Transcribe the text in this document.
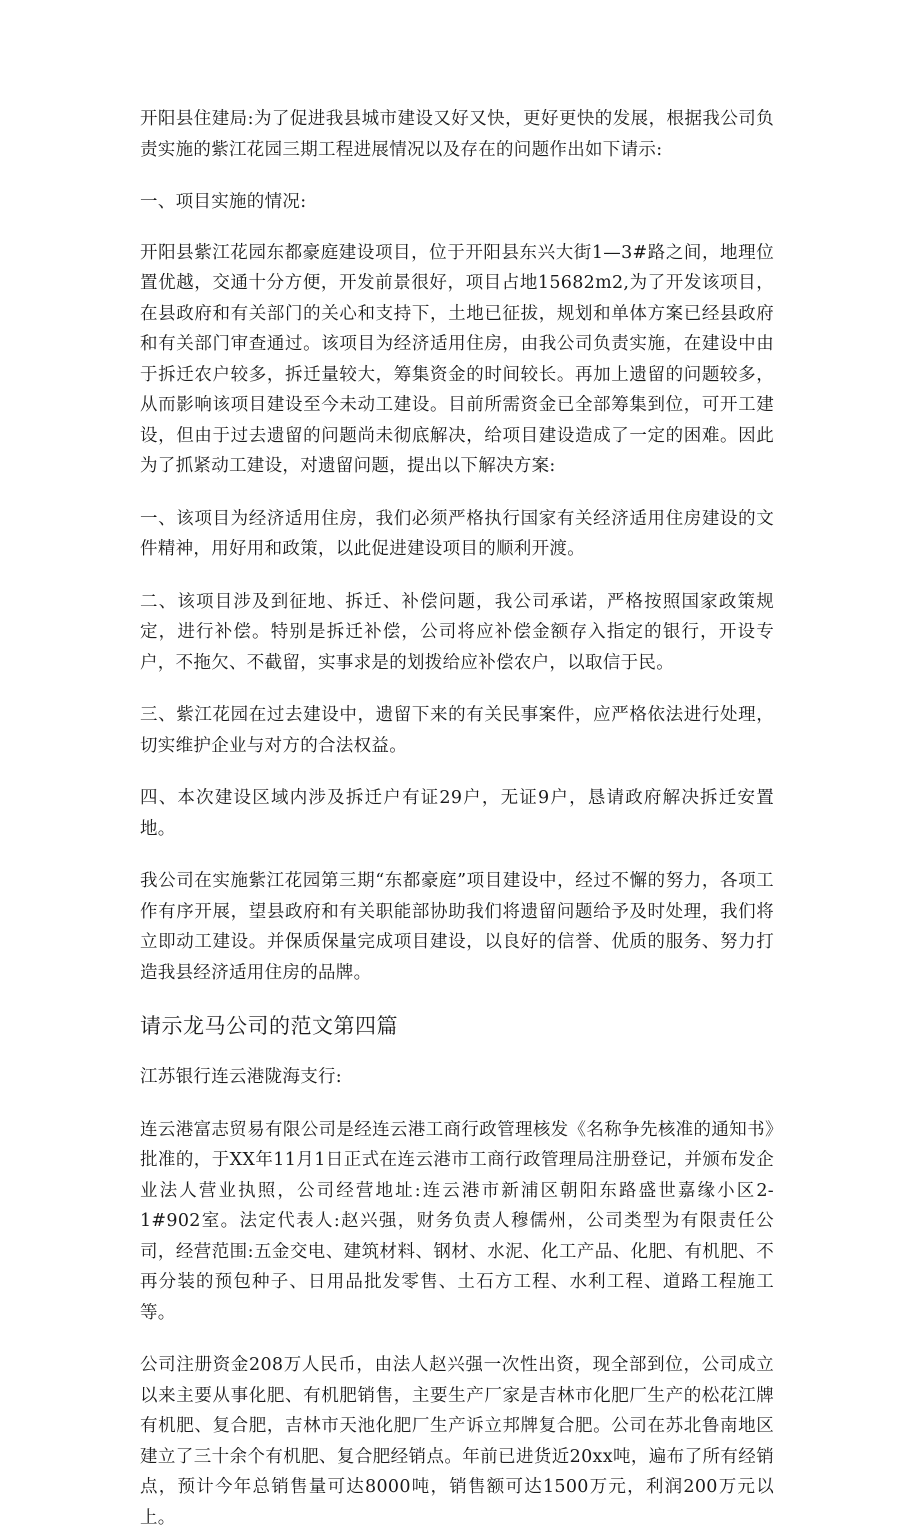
开阳县住建局:为了促进我县城市建设又好又快，更好更快的发展，根据我公司负责实施的紫江花园三期工程进展情况以及存在的问题作出如下请示:

一、项目实施的情况:

开阳县紫江花园东都豪庭建设项目，位于开阳县东兴大街1—3#路之间，地理位置优越，交通十分方便，开发前景很好，项目占地15682m2,为了开发该项目，在县政府和有关部门的关心和支持下，土地已征拔，规划和单体方案已经县政府和有关部门审查通过。该项目为经济适用住房，由我公司负责实施，在建设中由于拆迁农户较多，拆迁量较大，筹集资金的时间较长。再加上遗留的问题较多，从而影响该项目建设至今未动工建设。目前所需资金已全部筹集到位，可开工建设，但由于过去遗留的问题尚未彻底解决，给项目建设造成了一定的困难。因此为了抓紧动工建设，对遗留问题，提出以下解决方案:

一、该项目为经济适用住房，我们必须严格执行国家有关经济适用住房建设的文件精神，用好用和政策，以此促进建设项目的顺利开渡。

二、该项目涉及到征地、拆迁、补偿问题，我公司承诺，严格按照国家政策规定，进行补偿。特别是拆迁补偿，公司将应补偿金额存入指定的银行，开设专户，不拖欠、不截留，实事求是的划拨给应补偿农户，以取信于民。

三、紫江花园在过去建设中，遗留下来的有关民事案件，应严格依法进行处理，切实维护企业与对方的合法权益。

四、本次建设区域内涉及拆迁户有证29户，无证9户，恳请政府解决拆迁安置地。

我公司在实施紫江花园第三期“东都豪庭”项目建设中，经过不懈的努力，各项工作有序开展，望县政府和有关职能部协助我们将遗留问题给予及时处理，我们将立即动工建设。并保质保量完成项目建设，以良好的信誉、优质的服务、努力打造我县经济适用住房的品牌。

请示龙马公司的范文第四篇

江苏银行连云港陇海支行:

连云港富志贸易有限公司是经连云港工商行政管理核发《名称争先核准的通知书》批准的，于XX年11月1日正式在连云港市工商行政管理局注册登记，并颁布发企业法人营业执照，公司经营地址:连云港市新浦区朝阳东路盛世嘉缘小区2-1#902室。法定代表人:赵兴强，财务负责人穆儒州，公司类型为有限责任公司，经营范围:五金交电、建筑材料、钢材、水泥、化工产品、化肥、有机肥、不再分装的预包种子、日用品批发零售、土石方工程、水利工程、道路工程施工等。

公司注册资金208万人民币，由法人赵兴强一次性出资，现全部到位，公司成立以来主要从事化肥、有机肥销售，主要生产厂家是吉林市化肥厂生产的松花江牌有机肥、复合肥，吉林市天池化肥厂生产诉立邦牌复合肥。公司在苏北鲁南地区建立了三十余个有机肥、复合肥经销点。年前已进货近20xx吨，遍布了所有经销点，预计今年总销售量可达8000吨，销售额可达1500万元，利润200万元以上。
